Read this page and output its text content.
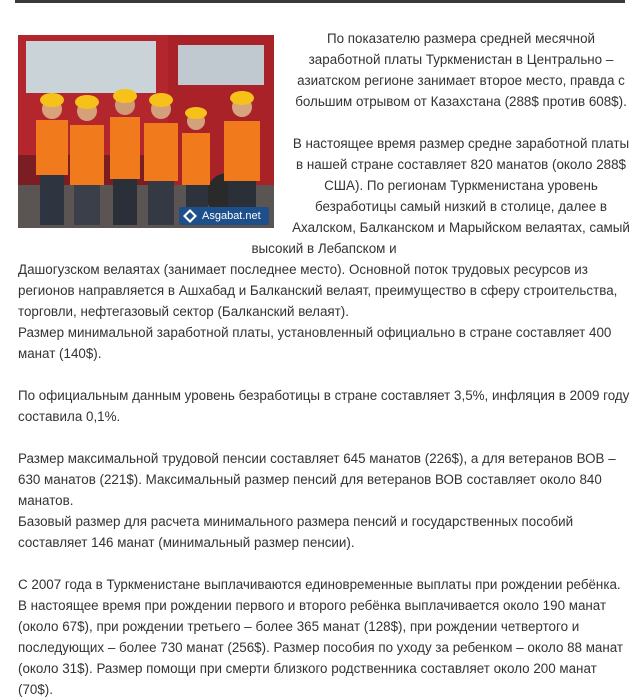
Asgabat.net

По показателю размера средней месячной заработной платы Туркменистан в Центрально – азиатском регионе занимает второе место, правда с большим отрывом от Казахстана (288$ против 608$).

В настоящее время размер средне заработной платы в нашей стране составляет 820 манатов (около 288$ США). По регионам Туркменистана уровень безработицы самый низкий в столице, далее в Ахалском, Балканском и Марыйском велаятах, самый высокий в Лебапском и

Дашогузском велаятах (занимает последнее место). Основной поток трудовых ресурсов из регионов направляется в Ашхабад и Балканский велаят, преимущество в сферу строительства, торговли, нефтегазовый сектор (Балканский велаят).

Размер минимальной заработной платы, установленный официально в стране составляет 400 манат (140$).

По официальным данным уровень безработицы в стране составляет 3,5%, инфляция в 2009 году составила 0,1%.

Размер максимальной трудовой пенсии составляет 645 манатов (226$), а для ветеранов ВОВ – 630 манатов (221$). Максимальный размер пенсий для ветеранов ВОВ составляет около 840 манатов.

Базовый размер для расчета минимального размера пенсий и государственных пособий составляет 146 манат (минимальный размер пенсии).

С 2007 года в Туркменистане выплачиваются единовременные выплаты при рождении ребёнка. В настоящее время при рождении первого и второго ребёнка выплачивается около 190 манат (около 67$), при рождении третьего – более 365 манат (128$), при рождении четвертого и последующих – более 730 манат (256$). Размер пособия по уходу за ребенком – около 88 манат (около 31$). Размер помощи при смерти близкого родственника составляет около 200 манат (70$).
